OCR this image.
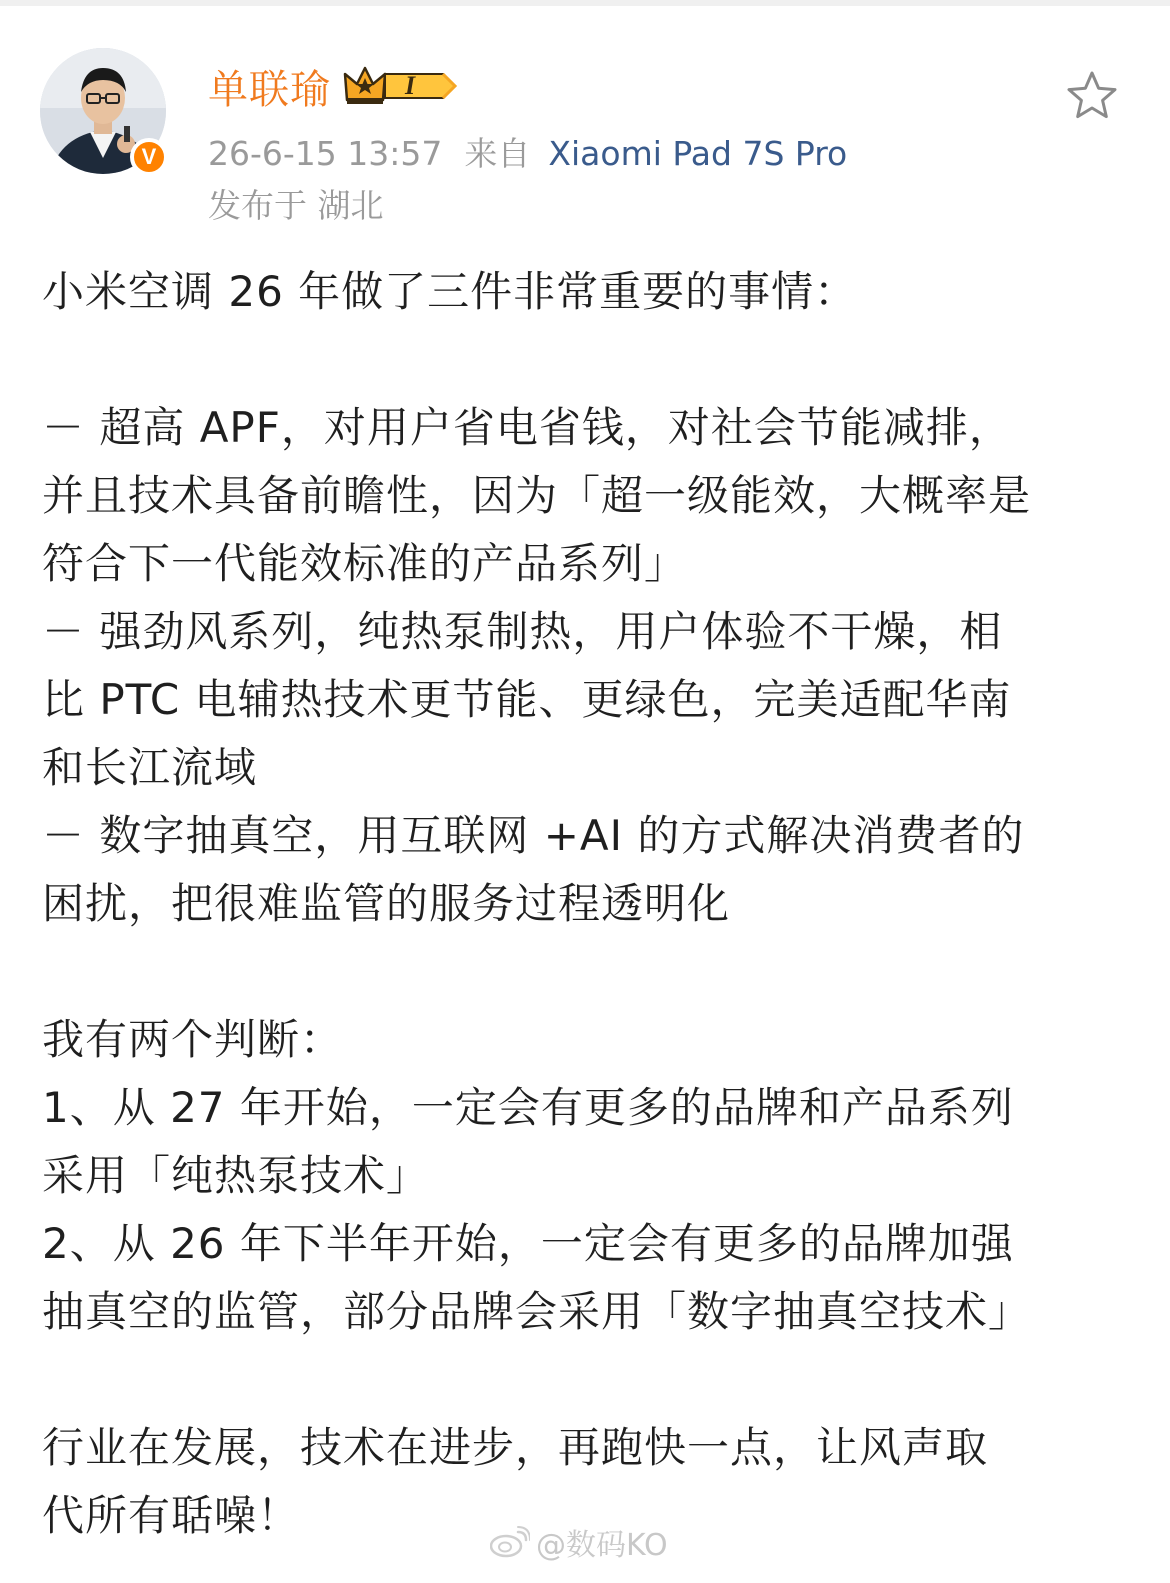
V
单联瑜	I
26-6-15 13:57 来自 Xiaomi Pad 7S Pro
发布于 湖北

小米空调 26 年做了三件非常重要的事情：

－ 超高 APF，对用户省电省钱，对社会节能减排，

并且技术具备前瞻性，因为「超一级能效，大概率是

符合下一代能效标准的产品系列」

－ 强劲风系列，纯热泵制热，用户体验不干燥，相

比 PTC 电辅热技术更节能、更绿色，完美适配华南

和长江流域

－ 数字抽真空，用互联网 +AI 的方式解决消费者的

困扰，把很难监管的服务过程透明化

我有两个判断：

1、从 27 年开始，一定会有更多的品牌和产品系列

采用「纯热泵技术」

2、从 26 年下半年开始，一定会有更多的品牌加强

抽真空的监管，部分品牌会采用「数字抽真空技术」

行业在发展，技术在进步，再跑快一点，让风声取

代所有聒噪！

@数码KO
